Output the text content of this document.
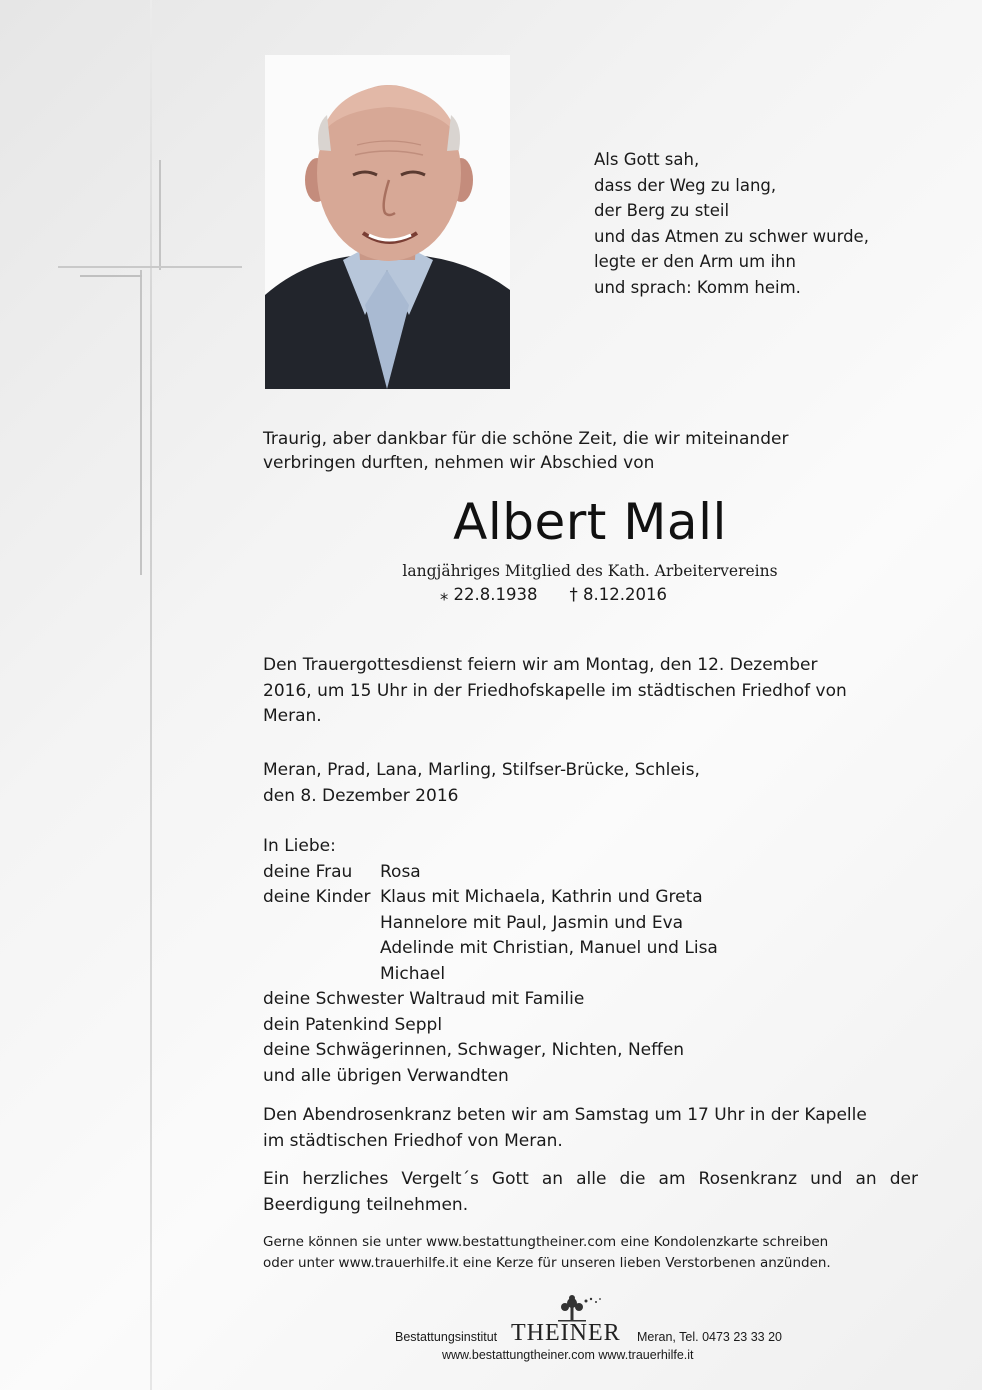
Als Gott sah,
dass der Weg zu lang,
der Berg zu steil
und das Atmen zu schwer wurde,
legte er den Arm um ihn
und sprach: Komm heim.
Traurig, aber dankbar für die schöne Zeit, die wir miteinander
verbringen durften, nehmen wir Abschied von
Albert Mall
langjähriges Mitglied des Kath. Arbeitervereins
⁎ 22.8.1938 † 8.12.2016
Den Trauergottesdienst feiern wir am Montag, den 12. Dezember
2016, um 15 Uhr in der Friedhofskapelle im städtischen Friedhof von
Meran.
Meran, Prad, Lana, Marling, Stilfser-Brücke, Schleis,
den 8. Dezember 2016
In Liebe:
deine Frau	Rosa
deine Kinder Klaus mit Michaela, Kathrin und Greta
Hannelore mit Paul, Jasmin und Eva
Adelinde mit Christian, Manuel und Lisa
Michael
deine Schwester Waltraud mit Familie
dein Patenkind Seppl
deine Schwägerinnen, Schwager, Nichten, Neffen
und alle übrigen Verwandten
Den Abendrosenkranz beten wir am Samstag um 17 Uhr in der Kapelle
im städtischen Friedhof von Meran.
Ein herzliches Vergelt´s Gott an alle die am Rosenkranz und an der
Beerdigung teilnehmen.
Gerne können sie unter www.bestattungtheiner.com eine Kondolenzkarte schreiben
oder unter www.trauerhilfe.it eine Kerze für unseren lieben Verstorbenen anzünden.
Bestattungsinstitut THEINER Meran, Tel. 0473 23 33 20
www.bestattungtheiner.com www.trauerhilfe.it
